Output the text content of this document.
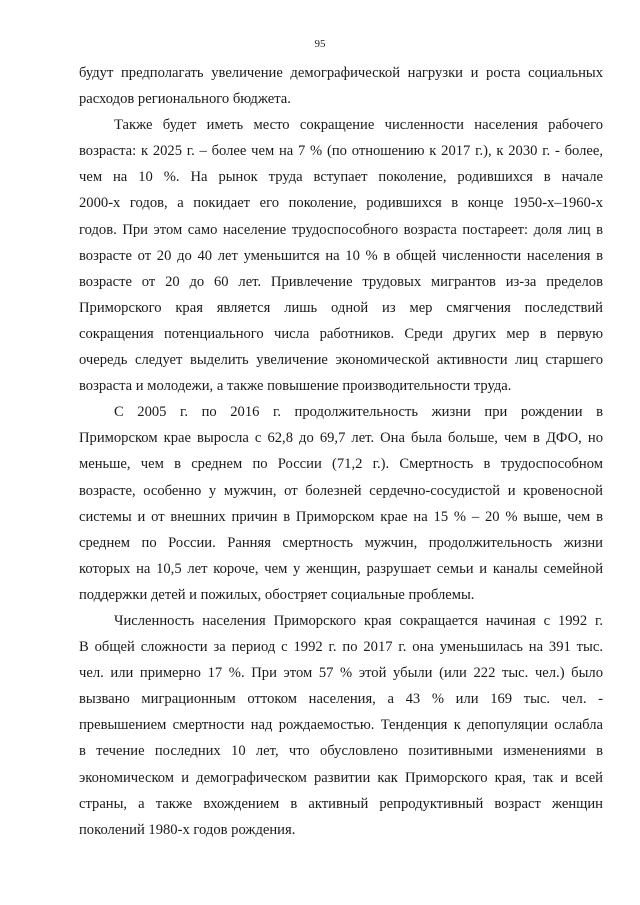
95
будут предполагать увеличение демографической нагрузки и роста социальных
расходов регионального бюджета.
Также будет иметь место сокращение численности населения рабочего
возраста: к 2025 г. – более чем на 7 % (по отношению к 2017 г.), к 2030 г. - более,
чем на 10 %. На рынок труда вступает поколение, родившихся в начале
2000-х годов, а покидает его поколение, родившихся в конце 1950-х–1960-х
годов. При этом само население трудоспособного возраста постареет: доля лиц в
возрасте от 20 до 40 лет уменьшится на 10 % в общей численности населения в
возрасте от 20 до 60 лет. Привлечение трудовых мигрантов из-за пределов
Приморского края является лишь одной из мер смягчения последствий
сокращения потенциального числа работников. Среди других мер в первую
очередь следует выделить увеличение экономической активности лиц старшего
возраста и молодежи, а также повышение производительности труда.
С 2005 г. по 2016 г. продолжительность жизни при рождении в
Приморском крае выросла с 62,8 до 69,7 лет. Она была больше, чем в ДФО, но
меньше, чем в среднем по России (71,2 г.). Смертность в трудоспособном
возрасте, особенно у мужчин, от болезней сердечно-сосудистой и кровеносной
системы и от внешних причин в Приморском крае на 15 % – 20 % выше, чем в
среднем по России. Ранняя смертность мужчин, продолжительность жизни
которых на 10,5 лет короче, чем у женщин, разрушает семьи и каналы семейной
поддержки детей и пожилых, обостряет социальные проблемы.
Численность населения Приморского края сокращается начиная с 1992 г.
В общей сложности за период с 1992 г. по 2017 г. она уменьшилась на 391 тыс.
чел. или примерно 17 %. При этом 57 % этой убыли (или 222 тыс. чел.) было
вызвано миграционным оттоком населения, а 43 % или 169 тыс. чел. -
превышением смертности над рождаемостью. Тенденция к депопуляции ослабла
в течение последних 10 лет, что обусловлено позитивными изменениями в
экономическом и демографическом развитии как Приморского края, так и всей
страны, а также вхождением в активный репродуктивный возраст женщин
поколений 1980-х годов рождения.
